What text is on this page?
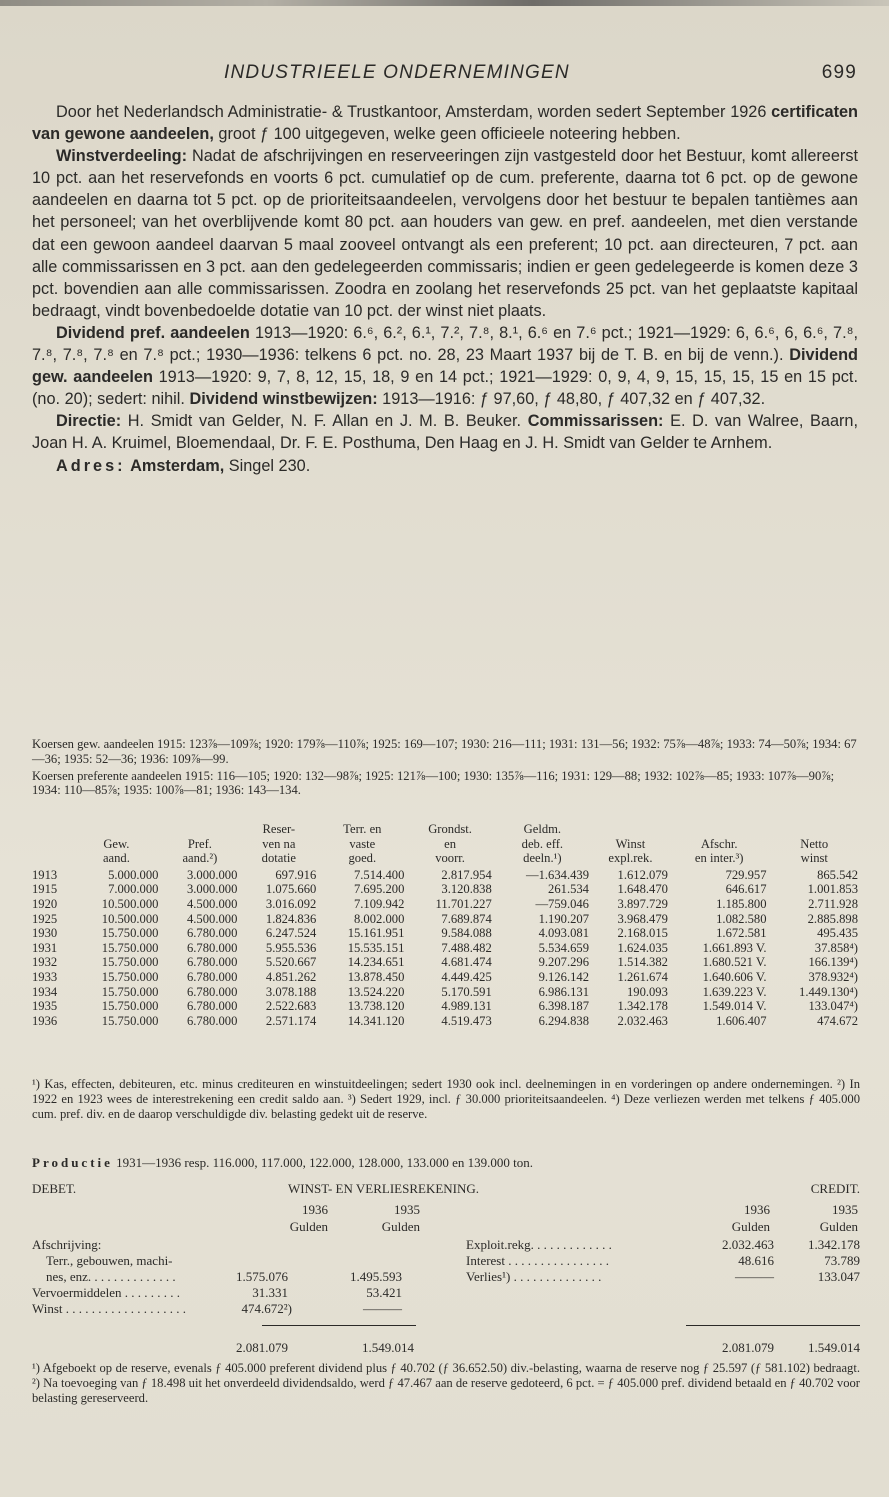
INDUSTRIEELE ONDERNEMINGEN	699

Door het Nederlandsch Administratie- & Trustkantoor, Amsterdam, worden sedert September 1926 certificaten van gewone aandeelen, groot ƒ 100 uitgegeven, welke geen officieele noteering hebben.

Winstverdeeling: Nadat de afschrijvingen en reserveeringen zijn vastgesteld door het Bestuur, komt allereerst 10 pct. aan het reservefonds en voorts 6 pct. cumulatief op de cum. preferente, daarna tot 6 pct. op de gewone aandeelen en daarna tot 5 pct. op de prioriteitsaandeelen, vervolgens door het bestuur te bepalen tantièmes aan het personeel; van het overblijvende komt 80 pct. aan houders van gew. en pref. aandeelen, met dien verstande dat een gewoon aandeel daarvan 5 maal zooveel ontvangt als een preferent; 10 pct. aan directeuren, 7 pct. aan alle commissarissen en 3 pct. aan den gedelegeerden commissaris; indien er geen gedelegeerde is komen deze 3 pct. bovendien aan alle commissarissen. Zoodra en zoolang het reservefonds 25 pct. van het geplaatste kapitaal bedraagt, vindt bovenbedoelde dotatie van 10 pct. der winst niet plaats.

Dividend pref. aandeelen 1913—1920: 6.⁶, 6.², 6.¹, 7.², 7.⁸, 8.¹, 6.⁶ en 7.⁶ pct.; 1921—1929: 6, 6.⁶, 6, 6.⁶, 7.⁸, 7.⁸, 7.⁸, 7.⁸ en 7.⁸ pct.; 1930—1936: telkens 6 pct. no. 28, 23 Maart 1937 bij de T. B. en bij de venn.). Dividend gew. aandeelen 1913—1920: 9, 7, 8, 12, 15, 18, 9 en 14 pct.; 1921—1929: 0, 9, 4, 9, 15, 15, 15, 15 en 15 pct. (no. 20); sedert: nihil. Dividend winstbewijzen: 1913—1916: ƒ 97,60, ƒ 48,80, ƒ 407,32 en ƒ 407,32.

Directie: H. Smidt van Gelder, N. F. Allan en J. M. B. Beuker. Commissarissen: E. D. van Walree, Baarn, Joan H. A. Kruimel, Bloemendaal, Dr. F. E. Posthuma, Den Haag en J. H. Smidt van Gelder te Arnhem.

Adres: Amsterdam, Singel 230.

Koersen gew. aandeelen 1915: 123⅞—109⅞; 1920: 179⅞—110⅞; 1925: 169—107; 1930: 216—111; 1931: 131—56; 1932: 75⅞—48⅞; 1933: 74—50⅞; 1934: 67—36; 1935: 52—36; 1936: 109⅞—99.

Koersen preferente aandeelen 1915: 116—105; 1920: 132—98⅞; 1925: 121⅞—100; 1930: 135⅞—116; 1931: 129—88; 1932: 102⅞—85; 1933: 107⅞—90⅞; 1934: 110—85⅞; 1935: 100⅞—81; 1936: 143—134.

			Reser-	Terr. en	Grondst.	Geldm.			
	Gew.	Pref.	ven na	vaste	en	deb. eff.	Winst	Afschr.	Netto
	aand.	aand.²)	dotatie	goed.	voorr.	deeln.¹)	expl.rek.	en inter.³)	winst
1913	5.000.000	3.000.000	697.916	7.514.400	2.817.954	—1.634.439	1.612.079	729.957	865.542
1915	7.000.000	3.000.000	1.075.660	7.695.200	3.120.838	261.534	1.648.470	646.617	1.001.853
1920	10.500.000	4.500.000	3.016.092	7.109.942	11.701.227	—759.046	3.897.729	1.185.800	2.711.928
1925	10.500.000	4.500.000	1.824.836	8.002.000	7.689.874	1.190.207	3.968.479	1.082.580	2.885.898
1930	15.750.000	6.780.000	6.247.524	15.161.951	9.584.088	4.093.081	2.168.015	1.672.581	495.435
1931	15.750.000	6.780.000	5.955.536	15.535.151	7.488.482	5.534.659	1.624.035	1.661.893 V.	37.858⁴)
1932	15.750.000	6.780.000	5.520.667	14.234.651	4.681.474	9.207.296	1.514.382	1.680.521 V.	166.139⁴)
1933	15.750.000	6.780.000	4.851.262	13.878.450	4.449.425	9.126.142	1.261.674	1.640.606 V.	378.932⁴)
1934	15.750.000	6.780.000	3.078.188	13.524.220	5.170.591	6.986.131	190.093	1.639.223 V.	1.449.130⁴)
1935	15.750.000	6.780.000	2.522.683	13.738.120	4.989.131	6.398.187	1.342.178	1.549.014 V.	133.047⁴)
1936	15.750.000	6.780.000	2.571.174	14.341.120	4.519.473	6.294.838	2.032.463	1.606.407	474.672
¹) Kas, effecten, debiteuren, etc. minus crediteuren en winstuitdeelingen; sedert 1930 ook incl. deelnemingen in en vorderingen op andere ondernemingen. ²) In 1922 en 1923 wees de interestrekening een credit saldo aan. ³) Sedert 1929, incl. ƒ 30.000 prioriteitsaandeelen. ⁴) Deze verliezen werden met telkens ƒ 405.000 cum. pref. div. en de daarop verschuldigde div. belasting gedekt uit de reserve.
Productie 1931—1936 resp. 116.000, 117.000, 122.000, 128.000, 133.000 en 139.000 ton.
DEBET.	WINST- EN VERLIESREKENING.	CREDIT.
1936	1935
Gulden	Gulden
1936	1935
Gulden	Gulden
Afschrijving:
Terr., gebouwen, machi-
nes, enz. . . . . . . . . . . . . .	1.575.076	1.495.593
Vervoermiddelen . . . . . . . . .	31.331	53.421
Winst . . . . . . . . . . . . . . . . . . .	474.672²)	———
2.081.079	1.549.014
Exploit.rekg. . . . . . . . . . . . .	2.032.463	1.342.178
Interest . . . . . . . . . . . . . . . .	48.616	73.789
Verlies¹) . . . . . . . . . . . . . .	———	133.047
2.081.079	1.549.014
¹) Afgeboekt op de reserve, evenals ƒ 405.000 preferent dividend plus ƒ 40.702 (ƒ 36.652.50) div.-belasting, waarna de reserve nog ƒ 25.597 (ƒ 581.102) bedraagt. ²) Na toevoeging van ƒ 18.498 uit het onverdeeld dividendsaldo, werd ƒ 47.467 aan de reserve gedoteerd, 6 pct. = ƒ 405.000 pref. dividend betaald en ƒ 40.702 voor belasting gereserveerd.
